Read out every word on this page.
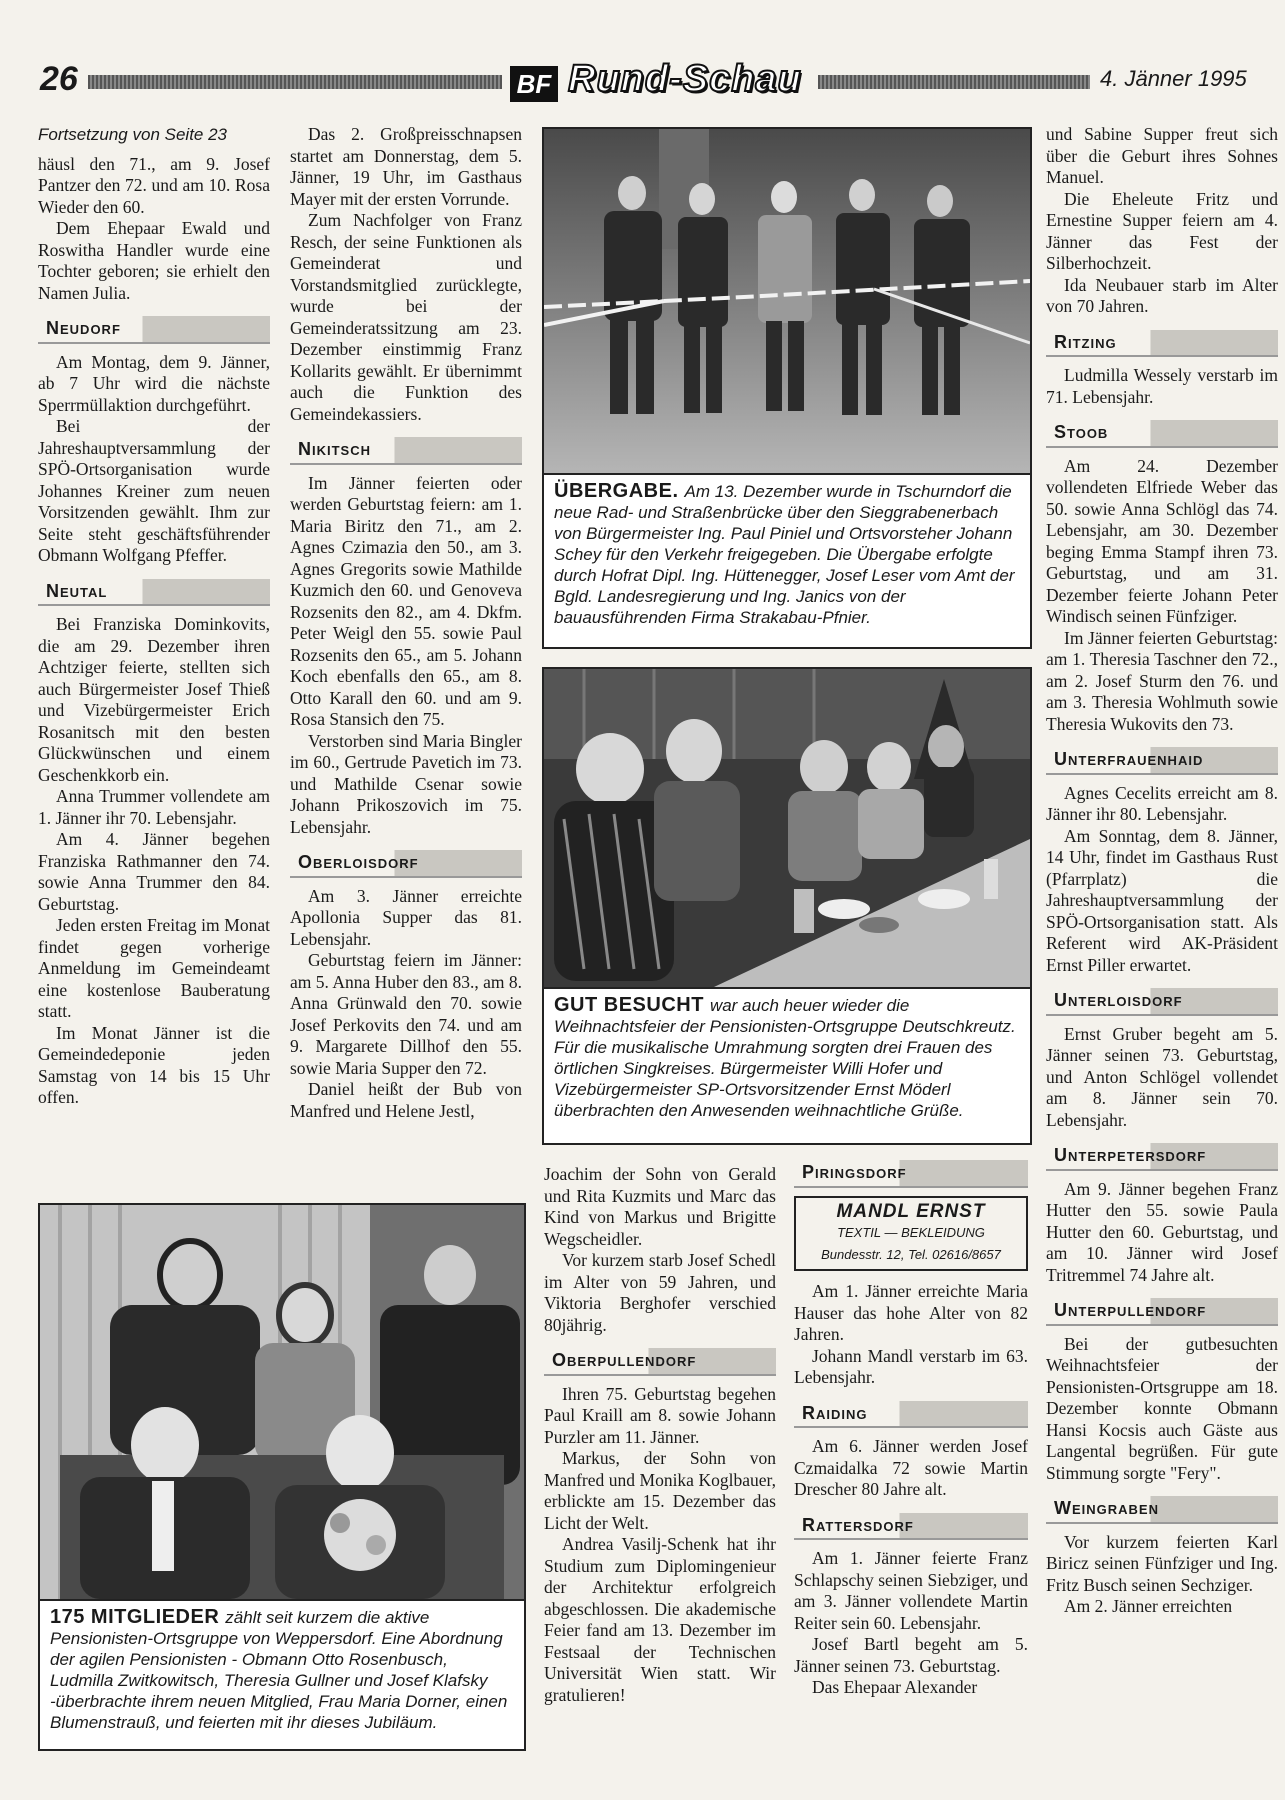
26	BF Rund-Schau	4. Jänner 1995

Fortsetzung von Seite 23

häusl den 71., am 9. Josef Pantzer den 72. und am 10. Rosa Wieder den 60.

Dem Ehepaar Ewald und Roswitha Handler wurde eine Tochter geboren; sie erhielt den Namen Julia.

Neudorf

Am Montag, dem 9. Jänner, ab 7 Uhr wird die nächste Sperrmüllaktion durchgeführt.

Bei der Jahreshauptversammlung der SPÖ-Ortsorganisation wurde Johannes Kreiner zum neuen Vorsitzenden gewählt. Ihm zur Seite steht geschäftsführender Obmann Wolfgang Pfeffer.

Neutal

Bei Franziska Dominkovits, die am 29. Dezember ihren Achtziger feierte, stellten sich auch Bürgermeister Josef Thieß und Vizebürgermeister Erich Rosanitsch mit den besten Glückwünschen und einem Geschenkkorb ein.

Anna Trummer vollendete am 1. Jänner ihr 70. Lebensjahr.

Am 4. Jänner begehen Franziska Rathmanner den 74. sowie Anna Trummer den 84. Geburtstag.

Jeden ersten Freitag im Monat findet gegen vorherige Anmeldung im Gemeindeamt eine kostenlose Bauberatung statt.

Im Monat Jänner ist die Gemeindedeponie jeden Samstag von 14 bis 15 Uhr offen.

Das 2. Großpreisschnapsen startet am Donnerstag, dem 5. Jänner, 19 Uhr, im Gasthaus Mayer mit der ersten Vorrunde.

Zum Nachfolger von Franz Resch, der seine Funktionen als Gemeinderat und Vorstandsmitglied zurücklegte, wurde bei der Gemeinderatssitzung am 23. Dezember einstimmig Franz Kollarits gewählt. Er übernimmt auch die Funktion des Gemeindekassiers.

Nikitsch

Im Jänner feierten oder werden Geburtstag feiern: am 1. Maria Biritz den 71., am 2. Agnes Czimazia den 50., am 3. Agnes Gregorits sowie Mathilde Kuzmich den 60. und Genoveva Rozsenits den 82., am 4. Dkfm. Peter Weigl den 55. sowie Paul Rozsenits den 65., am 5. Johann Koch ebenfalls den 65., am 8. Otto Karall den 60. und am 9. Rosa Stansich den 75.

Verstorben sind Maria Bingler im 60., Gertrude Pavetich im 73. und Mathilde Csenar sowie Johann Prikoszovich im 75. Lebensjahr.

Oberloisdorf

Am 3. Jänner erreichte Apollonia Supper das 81. Lebensjahr.

Geburtstag feiern im Jänner: am 5. Anna Huber den 83., am 8. Anna Grünwald den 70. sowie Josef Perkovits den 74. und am 9. Margarete Dillhof den 55. sowie Maria Supper den 72.

Daniel heißt der Bub von Manfred und Helene Jestl,

ÜBERGABE. Am 13. Dezember wurde in Tschurndorf die neue Rad- und Straßenbrücke über den Sieggrabenerbach von Bürgermeister Ing. Paul Piniel und Ortsvorsteher Johann Schey für den Verkehr freigegeben. Die Übergabe erfolgte durch Hofrat Dipl. Ing. Hüttenegger, Josef Leser vom Amt der Bgld. Landesregierung und Ing. Janics von der bauausführenden Firma Strakabau-Pfnier.
GUT BESUCHT war auch heuer wieder die Weihnachtsfeier der Pensionisten-Ortsgruppe Deutschkreutz. Für die musikalische Umrahmung sorgten drei Frauen des örtlichen Singkreises. Bürgermeister Willi Hofer und Vizebürgermeister SP-Ortsvorsitzender Ernst Möderl überbrachten den Anwesenden weihnachtliche Grüße.
175 MITGLIEDER zählt seit kurzem die aktive Pensionisten-Ortsgruppe von Weppersdorf. Eine Abordnung der agilen Pensionisten - Obmann Otto Rosenbusch, Ludmilla Zwitkowitsch, Theresia Gullner und Josef Klafsky -überbrachte ihrem neuen Mitglied, Frau Maria Dorner, einen Blumenstrauß, und feierten mit ihr dieses Jubiläum.

Joachim der Sohn von Gerald und Rita Kuzmits und Marc das Kind von Markus und Brigitte Wegscheidler.

Vor kurzem starb Josef Schedl im Alter von 59 Jahren, und Viktoria Berghofer verschied 80jährig.

Oberpullendorf

Ihren 75. Geburtstag begehen Paul Kraill am 8. sowie Johann Purzler am 11. Jänner.

Markus, der Sohn von Manfred und Monika Koglbauer, erblickte am 15. Dezember das Licht der Welt.

Andrea Vasilj-Schenk hat ihr Studium zum Diplomingenieur der Architektur erfolgreich abgeschlossen. Die akademische Feier fand am 13. Dezember im Festsaal der Technischen Universität Wien statt. Wir gratulieren!

Piringsdorf
MANDL ERNST
TEXTIL — BEKLEIDUNG
Bundesstr. 12, Tel. 02616/8657

Am 1. Jänner erreichte Maria Hauser das hohe Alter von 82 Jahren.

Johann Mandl verstarb im 63. Lebensjahr.

Raiding

Am 6. Jänner werden Josef Czmaidalka 72 sowie Martin Drescher 80 Jahre alt.

Rattersdorf

Am 1. Jänner feierte Franz Schlapschy seinen Siebziger, und am 3. Jänner vollendete Martin Reiter sein 60. Lebensjahr.

Josef Bartl begeht am 5. Jänner seinen 73. Geburtstag.

Das Ehepaar Alexander

und Sabine Supper freut sich über die Geburt ihres Sohnes Manuel.

Die Eheleute Fritz und Ernestine Supper feiern am 4. Jänner das Fest der Silberhochzeit.

Ida Neubauer starb im Alter von 70 Jahren.

Ritzing

Ludmilla Wessely verstarb im 71. Lebensjahr.

Stoob

Am 24. Dezember vollendeten Elfriede Weber das 50. sowie Anna Schlögl das 74. Lebensjahr, am 30. Dezember beging Emma Stampf ihren 73. Geburtstag, und am 31. Dezember feierte Johann Peter Windisch seinen Fünfziger.

Im Jänner feierten Geburtstag: am 1. Theresia Taschner den 72., am 2. Josef Sturm den 76. und am 3. Theresia Wohlmuth sowie Theresia Wukovits den 73.

Unterfrauenhaid

Agnes Cecelits erreicht am 8. Jänner ihr 80. Lebensjahr.

Am Sonntag, dem 8. Jänner, 14 Uhr, findet im Gasthaus Rust (Pfarrplatz) die Jahreshauptversammlung der SPÖ-Ortsorganisation statt. Als Referent wird AK-Präsident Ernst Piller erwartet.

Unterloisdorf

Ernst Gruber begeht am 5. Jänner seinen 73. Geburtstag, und Anton Schlögel vollendet am 8. Jänner sein 70. Lebensjahr.

Unterpetersdorf

Am 9. Jänner begehen Franz Hutter den 55. sowie Paula Hutter den 60. Geburtstag, und am 10. Jänner wird Josef Tritremmel 74 Jahre alt.

Unterpullendorf

Bei der gutbesuchten Weihnachtsfeier der Pensionisten-Ortsgruppe am 18. Dezember konnte Obmann Hansi Kocsis auch Gäste aus Langental begrüßen. Für gute Stimmung sorgte "Fery".

Weingraben

Vor kurzem feierten Karl Biricz seinen Fünfziger und Ing. Fritz Busch seinen Sechziger.

Am 2. Jänner erreichten
